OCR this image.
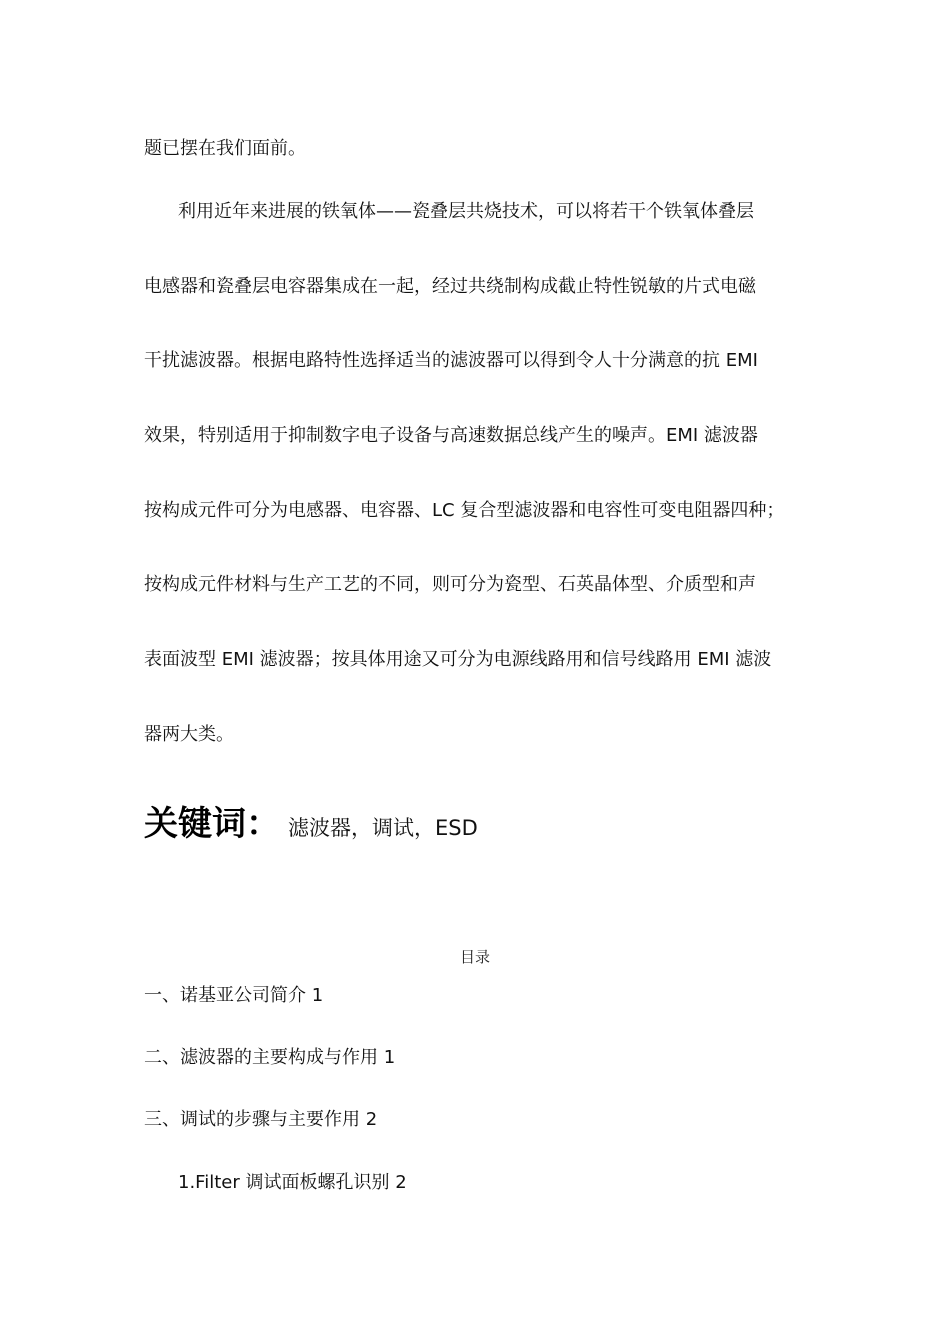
题已摆在我们面前。
利用近年来进展的铁氧体——瓷叠层共烧技术，可以将若干个铁氧体叠层
电感器和瓷叠层电容器集成在一起，经过共绕制构成截止特性锐敏的片式电磁
干扰滤波器。根据电路特性选择适当的滤波器可以得到令人十分满意的抗 EMI
效果，特别适用于抑制数字电子设备与高速数据总线产生的噪声。EMI 滤波器
按构成元件可分为电感器、电容器、LC 复合型滤波器和电容性可变电阻器四种；
按构成元件材料与生产工艺的不同，则可分为瓷型、石英晶体型、介质型和声
表面波型 EMI 滤波器；按具体用途又可分为电源线路用和信号线路用 EMI 滤波
器两大类。
关键词： 滤波器，调试，ESD
目录
一、诺基亚公司简介 1
二、滤波器的主要构成与作用 1
三、调试的步骤与主要作用 2
1.Filter 调试面板螺孔识别 2
